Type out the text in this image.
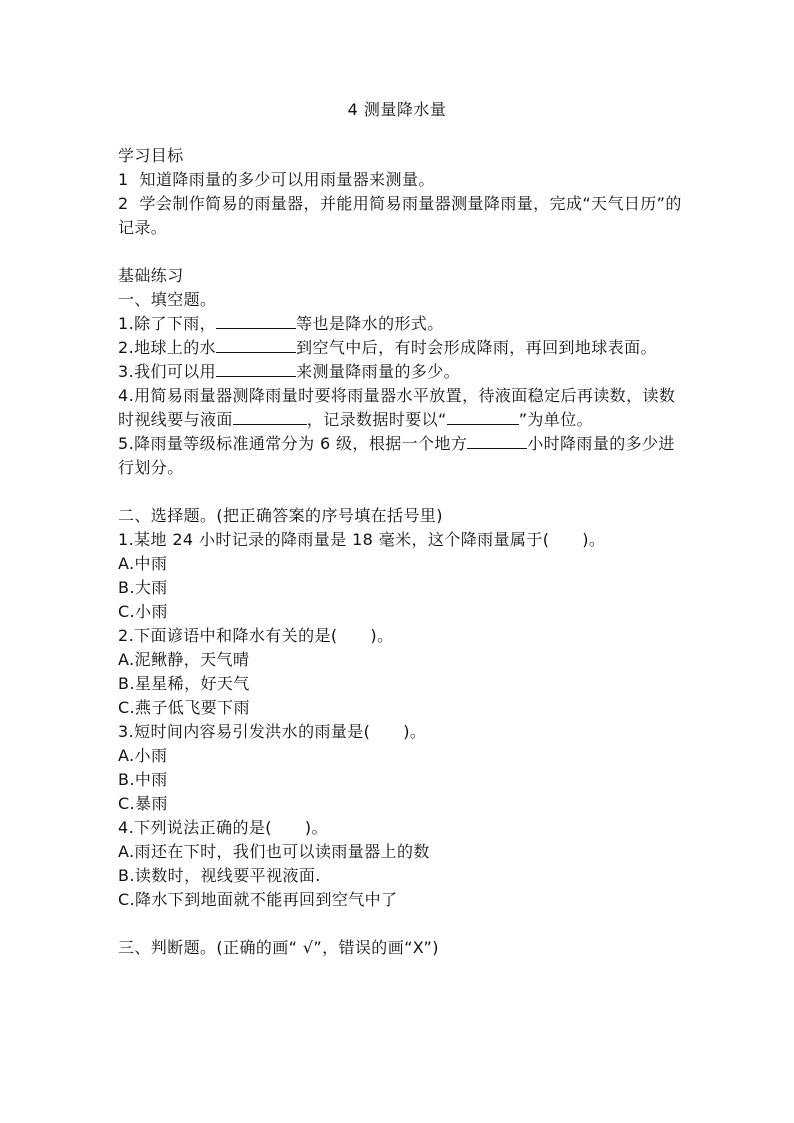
4 测量降水量
学习目标
1  知道降雨量的多少可以用雨量器来测量。
2  学会制作简易的雨量器，并能用简易雨量器测量降雨量，完成“天气日历”的记录。
基础练习
一、填空题。
1.除了下雨，	等也是降水的形式。
2.地球上的水	到空气中后，有时会形成降雨，再回到地球表面。
3.我们可以用	来测量降雨量的多少。
4.用简易雨量器测降雨量时要将雨量器水平放置，待液面稳定后再读数，读数时视线要与液面	，记录数据时要以“	”为单位。
5.降雨量等级标准通常分为 6 级，根据一个地方	小时降雨量的多少进行划分。
二、选择题。(把正确答案的序号填在括号里)
1.某地 24 小时记录的降雨量是 18 毫米，这个降雨量属于(      )。
A.中雨
B.大雨
C.小雨
2.下面谚语中和降水有关的是(      )。
A.泥鳅静，天气晴
B.星星稀，好天气
C.燕子低飞要下雨
3.短时间内容易引发洪水的雨量是(      )。
A.小雨
B.中雨
C.暴雨
4.下列说法正确的是(      )。
A.雨还在下时，我们也可以读雨量器上的数
B.读数时，视线要平视液面.
C.降水下到地面就不能再回到空气中了
三、判断题。(正确的画“ √”，错误的画“X”)
